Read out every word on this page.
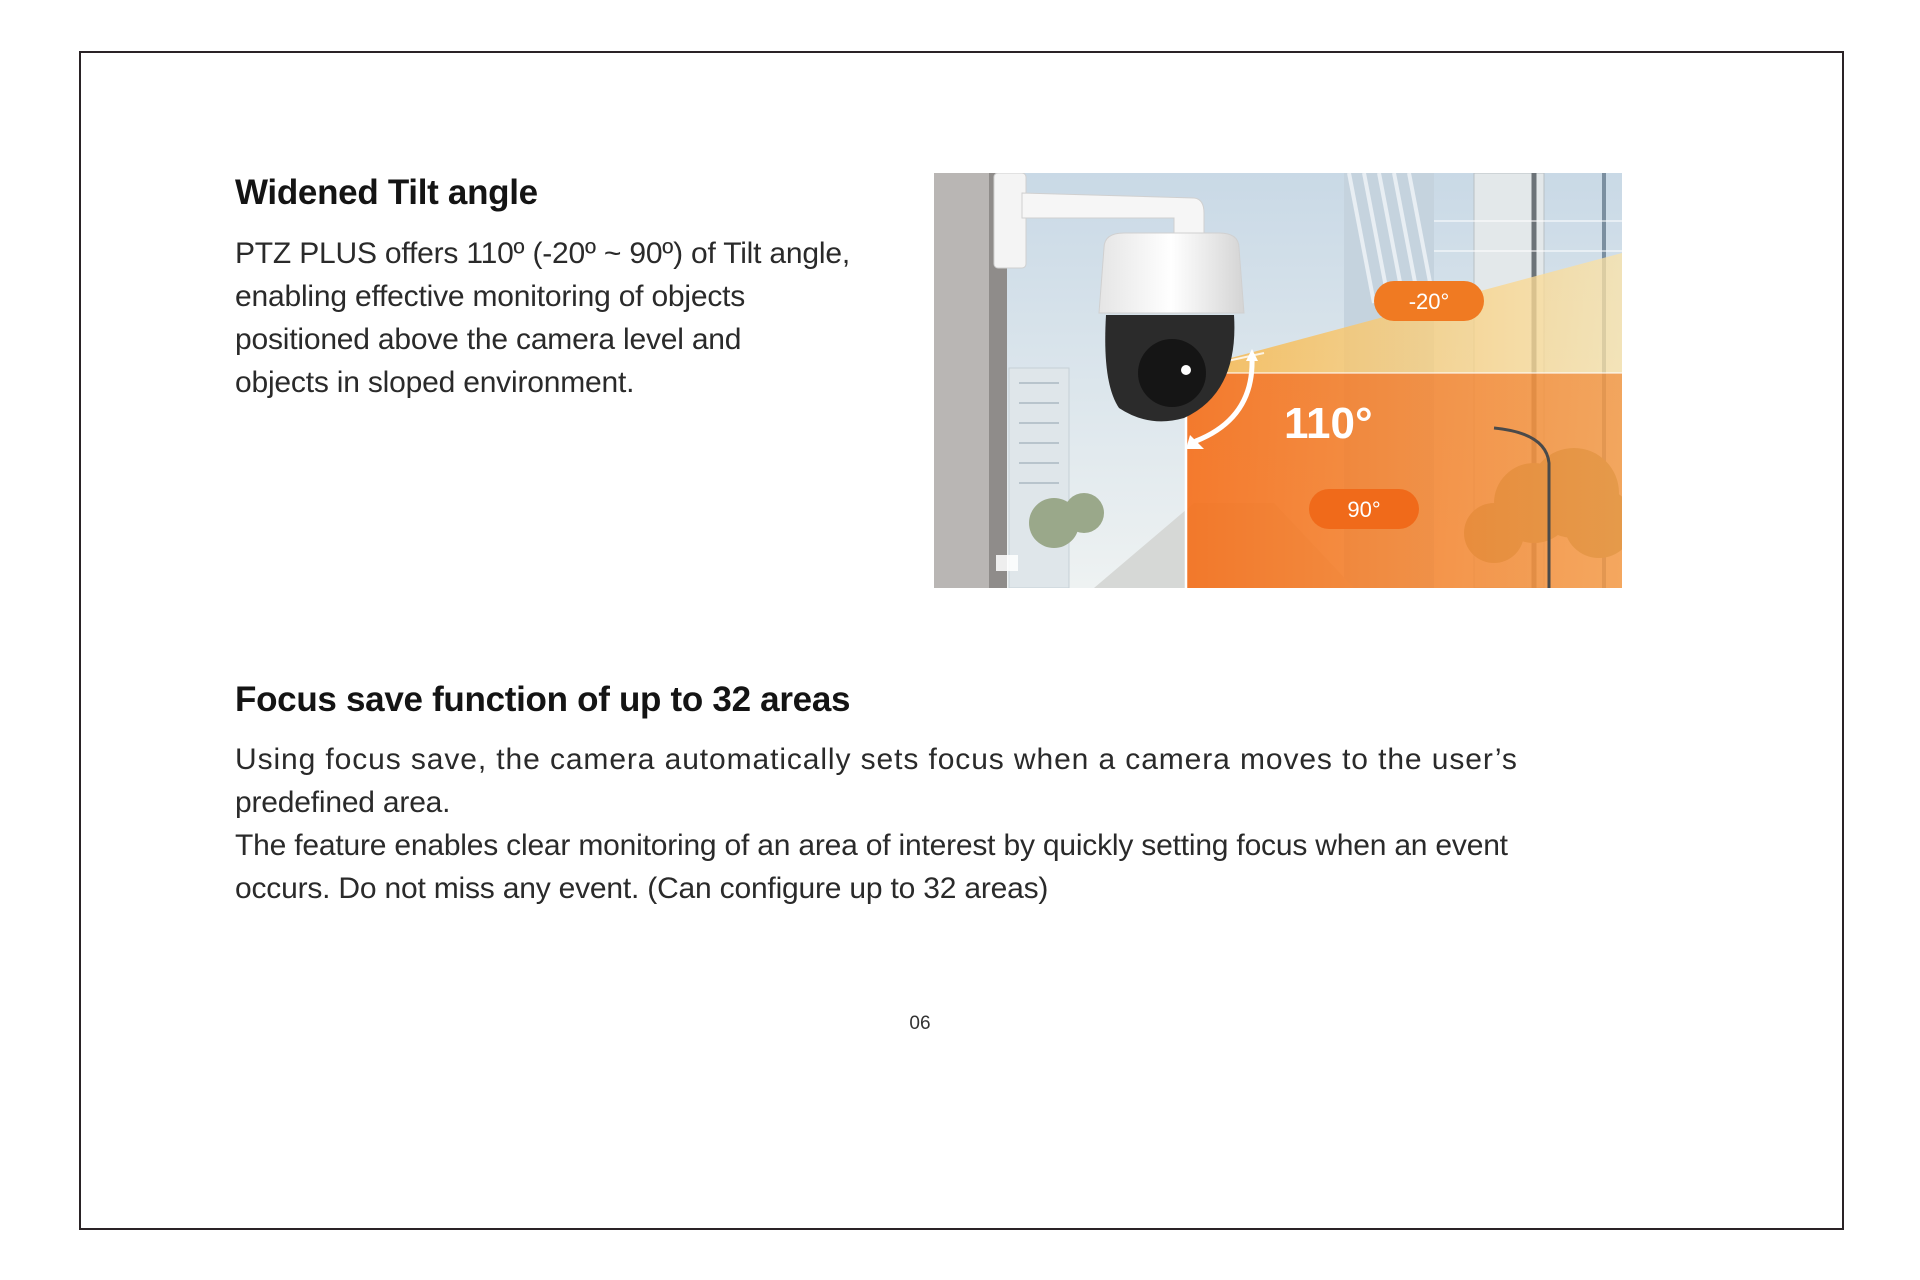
Widened Tilt angle
PTZ PLUS offers 110º (-20º ~ 90º) of Tilt angle,
enabling effective monitoring of objects
positioned above the camera level and
objects in sloped environment.
110°
-20°
90°
Focus save function of up to 32 areas
Using focus save, the camera automatically sets focus when a camera moves to the user’s
predefined area.
The feature enables clear monitoring of an area of interest by quickly setting focus when an event
occurs. Do not miss any event. (Can configure up to 32 areas)
06
